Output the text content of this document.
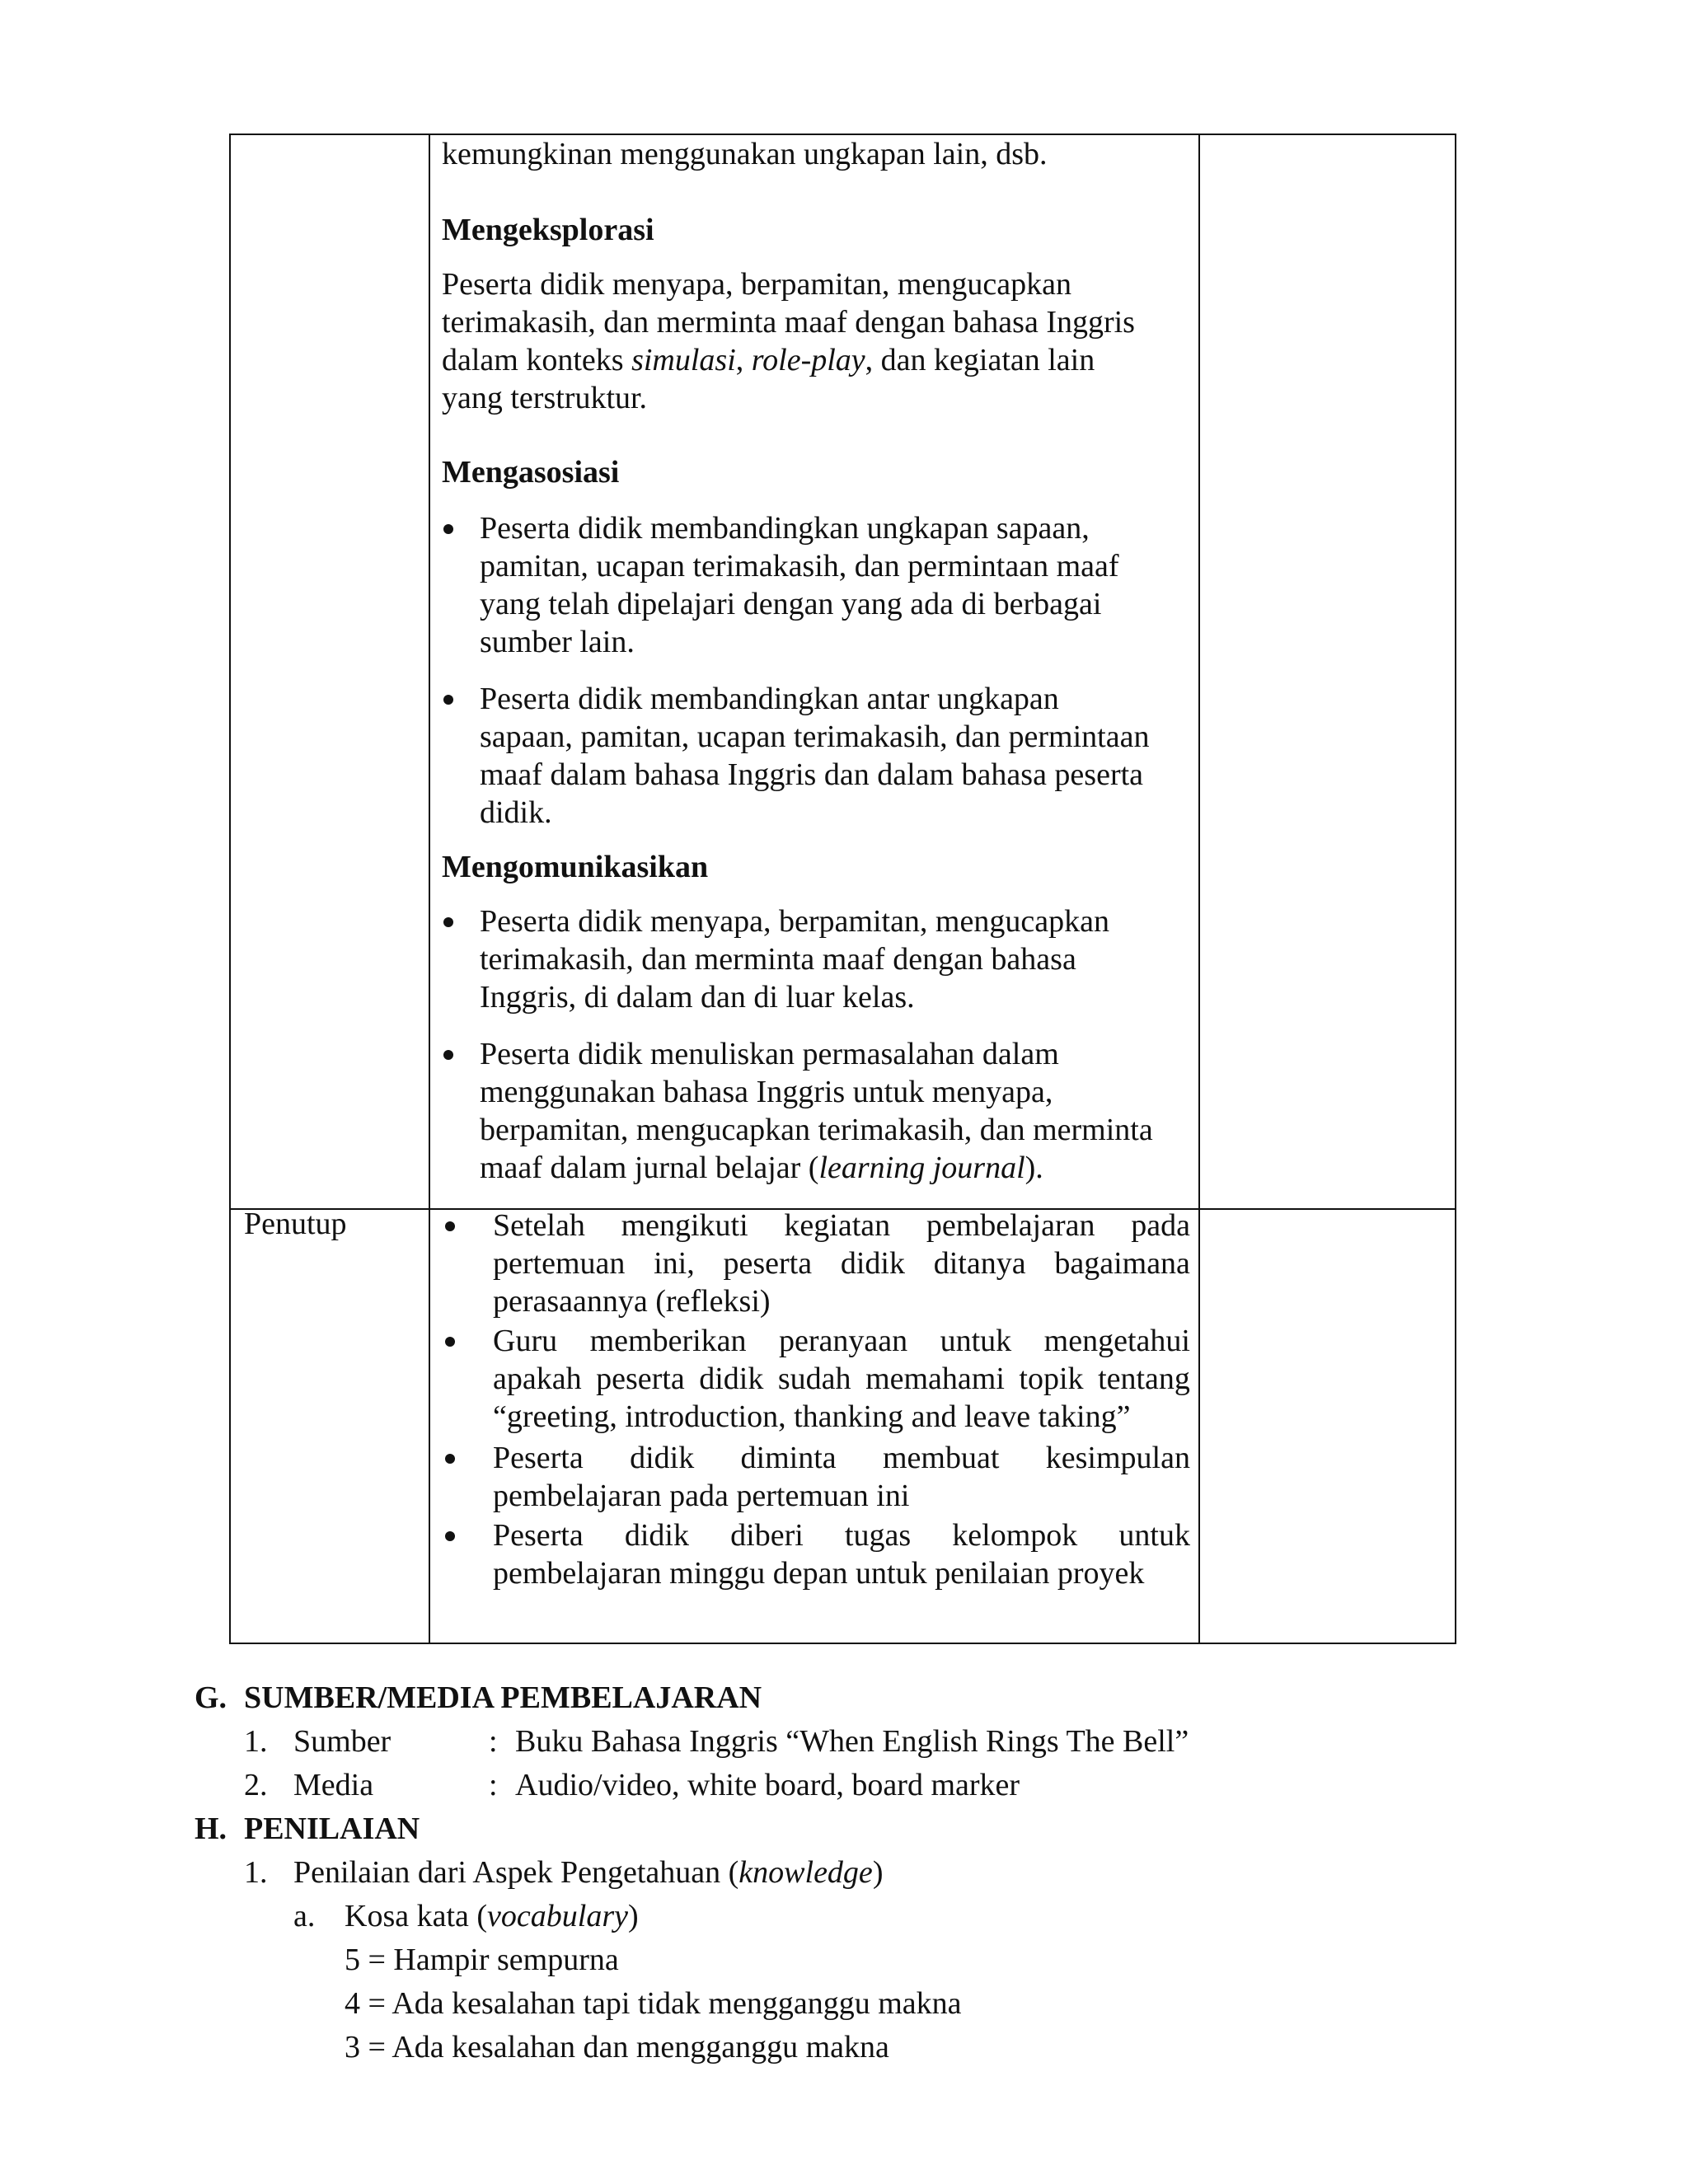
kemungkinan menggunakan ungkapan lain, dsb.
Mengeksplorasi
Peserta didik menyapa, berpamitan, mengucapkan
terimakasih, dan merminta maaf dengan bahasa Inggris
dalam konteks simulasi, role-play, dan kegiatan lain
yang terstruktur.
Mengasosiasi
Peserta didik membandingkan ungkapan sapaan,
pamitan, ucapan terimakasih, dan permintaan maaf
yang telah dipelajari dengan yang ada di berbagai
sumber lain.
Peserta didik membandingkan antar ungkapan
sapaan, pamitan, ucapan terimakasih, dan permintaan
maaf dalam bahasa Inggris dan dalam bahasa peserta
didik.
Mengomunikasikan
Peserta didik menyapa, berpamitan, mengucapkan
terimakasih, dan merminta maaf dengan bahasa
Inggris, di dalam dan di luar kelas.
Peserta didik menuliskan permasalahan dalam
menggunakan bahasa Inggris untuk menyapa,
berpamitan, mengucapkan terimakasih, dan merminta
maaf dalam jurnal belajar (learning journal).
Penutup	Setelah mengikuti kegiatan pembelajaran pada
pertemuan ini, peserta didik ditanya bagaimana
perasaannya (refleksi)
Guru memberikan peranyaan untuk mengetahui
apakah peserta didik sudah memahami topik tentang
“greeting, introduction, thanking and leave taking”
Peserta didik diminta membuat kesimpulan
pembelajaran pada pertemuan ini
Peserta didik diberi tugas kelompok untuk
pembelajaran minggu depan untuk penilaian proyek
G. SUMBER/MEDIA PEMBELAJARAN
1. Sumber	: Buku Bahasa Inggris “When English Rings The Bell”
2. Media	: Audio/video, white board, board marker
H. PENILAIAN
1. Penilaian dari Aspek Pengetahuan (knowledge)
a. Kosa kata (vocabulary)
5 = Hampir sempurna
4 = Ada kesalahan tapi tidak mengganggu makna
3 = Ada kesalahan dan mengganggu makna
